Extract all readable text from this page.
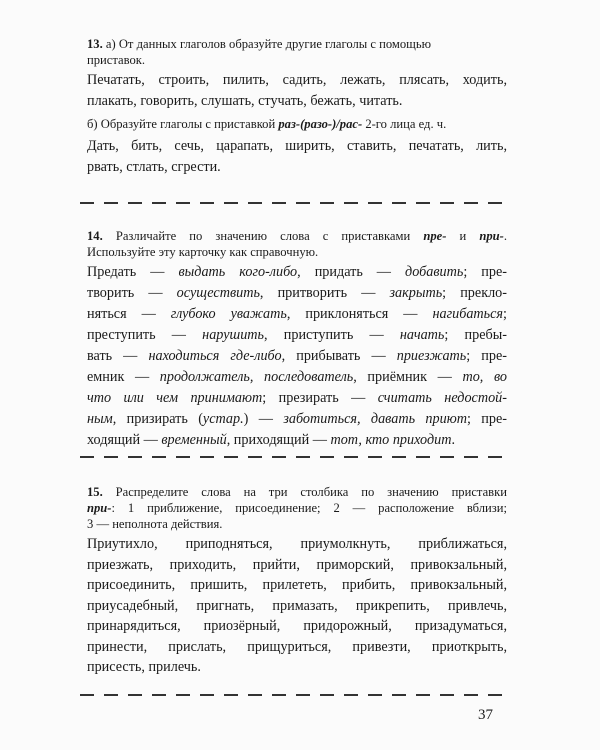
13. а) От данных глаголов образуйте другие глаголы с помощью
приставок.
Печатать, строить, пилить, садить, лежать, плясать, ходить,
плакать, говорить, слушать, стучать, бежать, читать.
б) Образуйте глаголы с приставкой раз-(разо-)/рас- 2-го лица ед. ч.
Дать, бить, сечь, царапать, ширить, ставить, печатать, лить,
рвать, стлать, сгрести.
14. Различайте по значению слова с приставками пре- и при-.
Используйте эту карточку как справочную.
Предать — выдать кого-либо, придать — добавить; пре-
творить — осуществить, притворить — закрыть; прекло-
няться — глубоко уважать, приклоняться — нагибаться;
преступить — нарушить, приступить — начать; пребы-
вать — находиться где-либо, прибывать — приезжать; пре-
емник — продолжатель, последователь, приёмник — то, во
что или чем принимают; презирать — считать недостой-
ным, призирать (устар.) — заботиться, давать приют; пре-
ходящий — временный, приходящий — тот, кто приходит.
15. Распределите слова на три столбика по значению приставки
при-: 1 приближение, присоединение; 2 — расположение вблизи;
3 — неполнота действия.
Приутихло, приподняться, приумолкнуть, приближаться,
приезжать, приходить, прийти, приморский, привокзальный,
присоединить, пришить, прилететь, прибить, привокзальный,
приусадебный, пригнать, примазать, прикрепить, привлечь,
принарядиться, приозёрный, придорожный, призадуматься,
принести, прислать, прищуриться, привезти, приоткрыть,
присесть, прилечь.
37
